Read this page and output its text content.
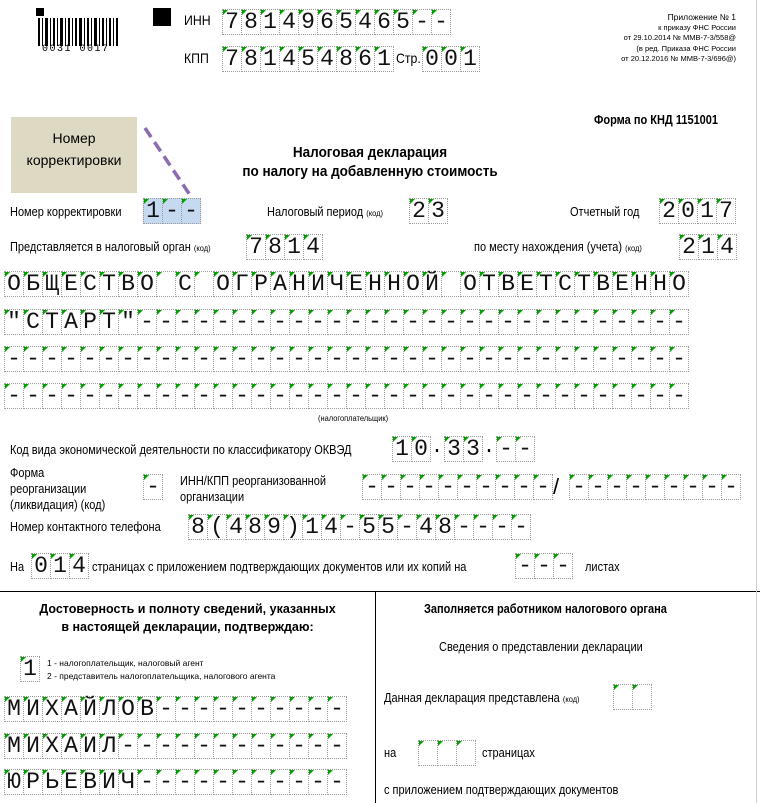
0031 0017
ИНН 7 8 1 4 9 6 5 4 6 5 - -
КПП 7 8 1 4 5 4 8 6 1 Стр. 0 0 1
Приложение № 1
к приказу ФНС России
от 29.10.2014 № ММВ-7-3/558@
(в ред. Приказа ФНС России
от 20.12.2016 № ММВ-7-3/696@)
Форма по КНД 1151001
Номер корректировки	Налоговая декларация
по налогу на добавленную стоимость
Номер корректировки 1 - -	Налоговый период (код) 2 3	Отчетный год 2 0 1 7
Представляется в налоговый орган (код) 7 8 1 4	по месту нахождения (учета) (код) 2 1 4
О Б Щ Е С Т В О С О Г Р А Н И Ч Е Н Н О Й О Т В Е Т С Т В Е Н Н О
" С Т А Р Т " - - - - - - - - - - - - - - - - - - - - - - - - - - - - -
- - - - - - - - - - - - - - - - - - - - - - - - - - - - - - - - - - - -
- - - - - - - - - - - - - - - - - - - - - - - - - - - - - - - - - - - -
(налогоплательщик)
Код вида экономической деятельности по классификатору ОКВЭД 1 0 . 3 3 . - -
Форма
реорганизации
(ликвидация) (код)
- ИНН/КПП реорганизованной
организации	- - - - - - - - - - / - - - - - - - - -
Номер контактного телефона 8 ( 4 8 9 ) 1 4 - 5 5 - 4 8 - - - -
На 0 1 4 страницах с приложением подтверждающих документов или их копий на - - - листах
Достоверность и полноту сведений, указанных
в настоящей декларации, подтверждаю:
1	1 - налогоплательщик, налоговый агент
2 - представитель налогоплательщика, налогового агента
М И Х А Й Л О В - - - - - - - - - -
М И Х А И Л - - - - - - - - - - - -
Ю Р Ь Е В И Ч - - - - - - - - - - -
Заполняется работником налогового органа
Сведения о представлении декларации
Данная декларация представлена (код)
на	страницах
с приложением подтверждающих документов
